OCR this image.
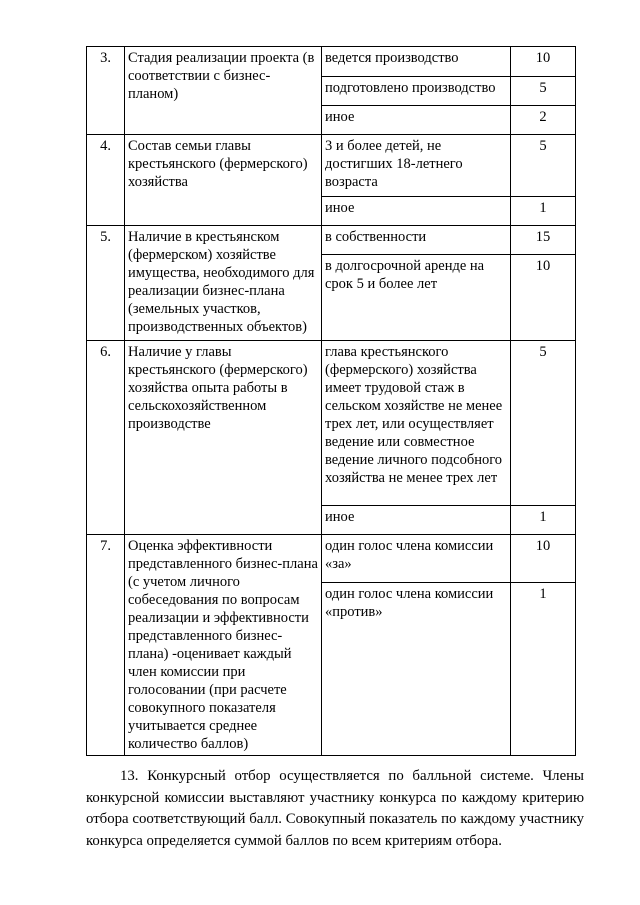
3.	Стадия реализации проекта (в соответствии с бизнес-планом)	ведется производство	10
		подготовлено производство	5
		иное	2
4.	Состав семьи главы крестьянского (фермерского) хозяйства	3 и более детей, не достигших 18-летнего возраста	5
		иное	1
5.	Наличие в крестьянском (фермерском) хозяйстве имущества, необходимого для реализации бизнес-плана (земельных участков, производственных объектов)	в собственности	15
		в долгосрочной аренде на срок 5 и более лет	10
6.	Наличие у главы крестьянского (фермерского) хозяйства опыта работы в сельскохозяйственном производстве	глава крестьянского (фермерского) хозяйства имеет трудовой стаж в сельском хозяйстве не менее трех лет, или осуществляет ведение или совместное ведение личного подсобного хозяйства не менее трех лет	5
		иное	1
7.	Оценка эффективности представленного бизнес-плана (с учетом личного собеседования по вопросам реализации и эффективности представленного бизнес-плана) -оценивает каждый член комиссии при голосовании (при расчете совокупного показателя учитывается среднее количество баллов)	один голос члена комиссии «за»	10
		один голос члена комиссии «против»	1

13. Конкурсный отбор осуществляется по балльной системе. Члены конкурсной комиссии выставляют участнику конкурса по каждому критерию отбора соответствующий балл. Совокупный показатель по каждому участнику конкурса определяется суммой баллов по всем критериям отбора.
